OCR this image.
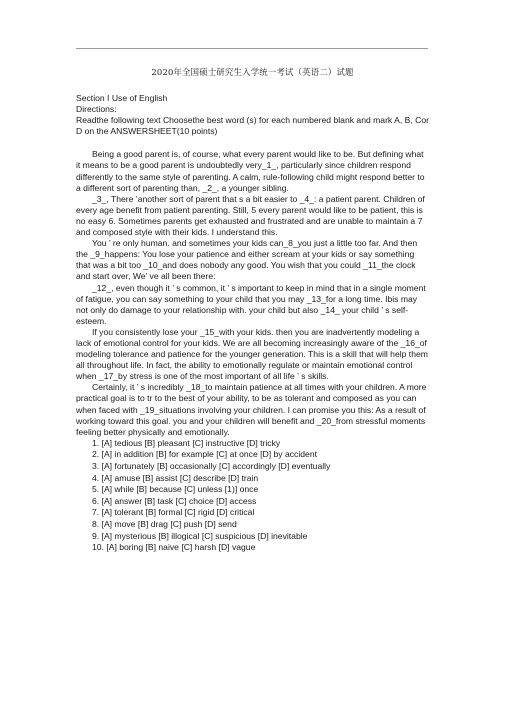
2020年全国硕士研究生入学统一考试（英语二）试题

Section I Use of English

Directions:

Readthe following text Choosethe best word (s) for each numbered blank and mark A, B, Cor D on the ANSWERSHEET(10 points)

Being a good parent is, of course, what every parent would like to be. But defining what it means to be a good parent is undoubtedly very_1_, particularly since children respond differently to the same style of parenting. A calm, rule-following child might respond better to a different sort of parenting than, _2_, a younger sibling.

_3_, There ’another sort of parent that s a bit easier to _4_: a patient parent. Children of every age benefit from patient parenting. Still, 5 every parent would like to be patient, this is no easy 6. Sometimes parents get exhausted and frustrated and are unable to maintain a 7 and composed style with their kids. I understand this.

You ’ re only human. and sometimes your kids can_8_you just a little too far. And then the _9_happens: You lose your patience and either scream at your kids or say something that was a bit too _10_and does nobody any good. You wish that you could _11_the clock and start over, We’ ve all been there:

_12_, even though it ’ s common, it ’ s important to keep in mind that in a single moment of fatigue, you can say something to your child that you may _13_for a long time. Ibis may not only do damage to your relationship with. your child but also _14_ your child ’ s self-esteem.

If you consistently lose your _15_with your kids. then you are inadvertently modeling a lack of emotional control for your kids. We are all becoming increasingly aware of the _16_of modeling tolerance and patience for the younger generation. This is a skill that will help them all throughout life. In fact, the ability to emotionally regulate or maintain emotional control when _17_by stress is one of the most important of all life ’ s skills.

Certainly, it ’ s incredibly _18_to maintain patience at all times with your children. A more practical goal is to tr to the best of your ability, to be as tolerant and composed as you can when faced with _19_situations involving your children. I can promise you this: As a result of working toward this goal. you and your children will benefit and _20_from stressful moments feeling better physically and emotionally.

1. [A] tedious [B] pleasant [C] instructive [D] tricky
2. [A] in addition [B] for example [C] at once [D] by accident
3. [A] fortunately [B] occasionally [C] accordingly [D] eventually
4. [A] amuse [B] assist [C] describe [D] train
5. [A] while [B] because [C] unless [1)] once
6. [A] answer [B] task [C] choice [D] access
7. [A] tolerant [B] formal [C] rigid [D] critical
8. [A] move [B] drag [C] push [D] send
9. [A] mysterious [B] illogical [C] suspicious [D] inevitable
10. [A] boring [B] naive [C] harsh [D] vague
